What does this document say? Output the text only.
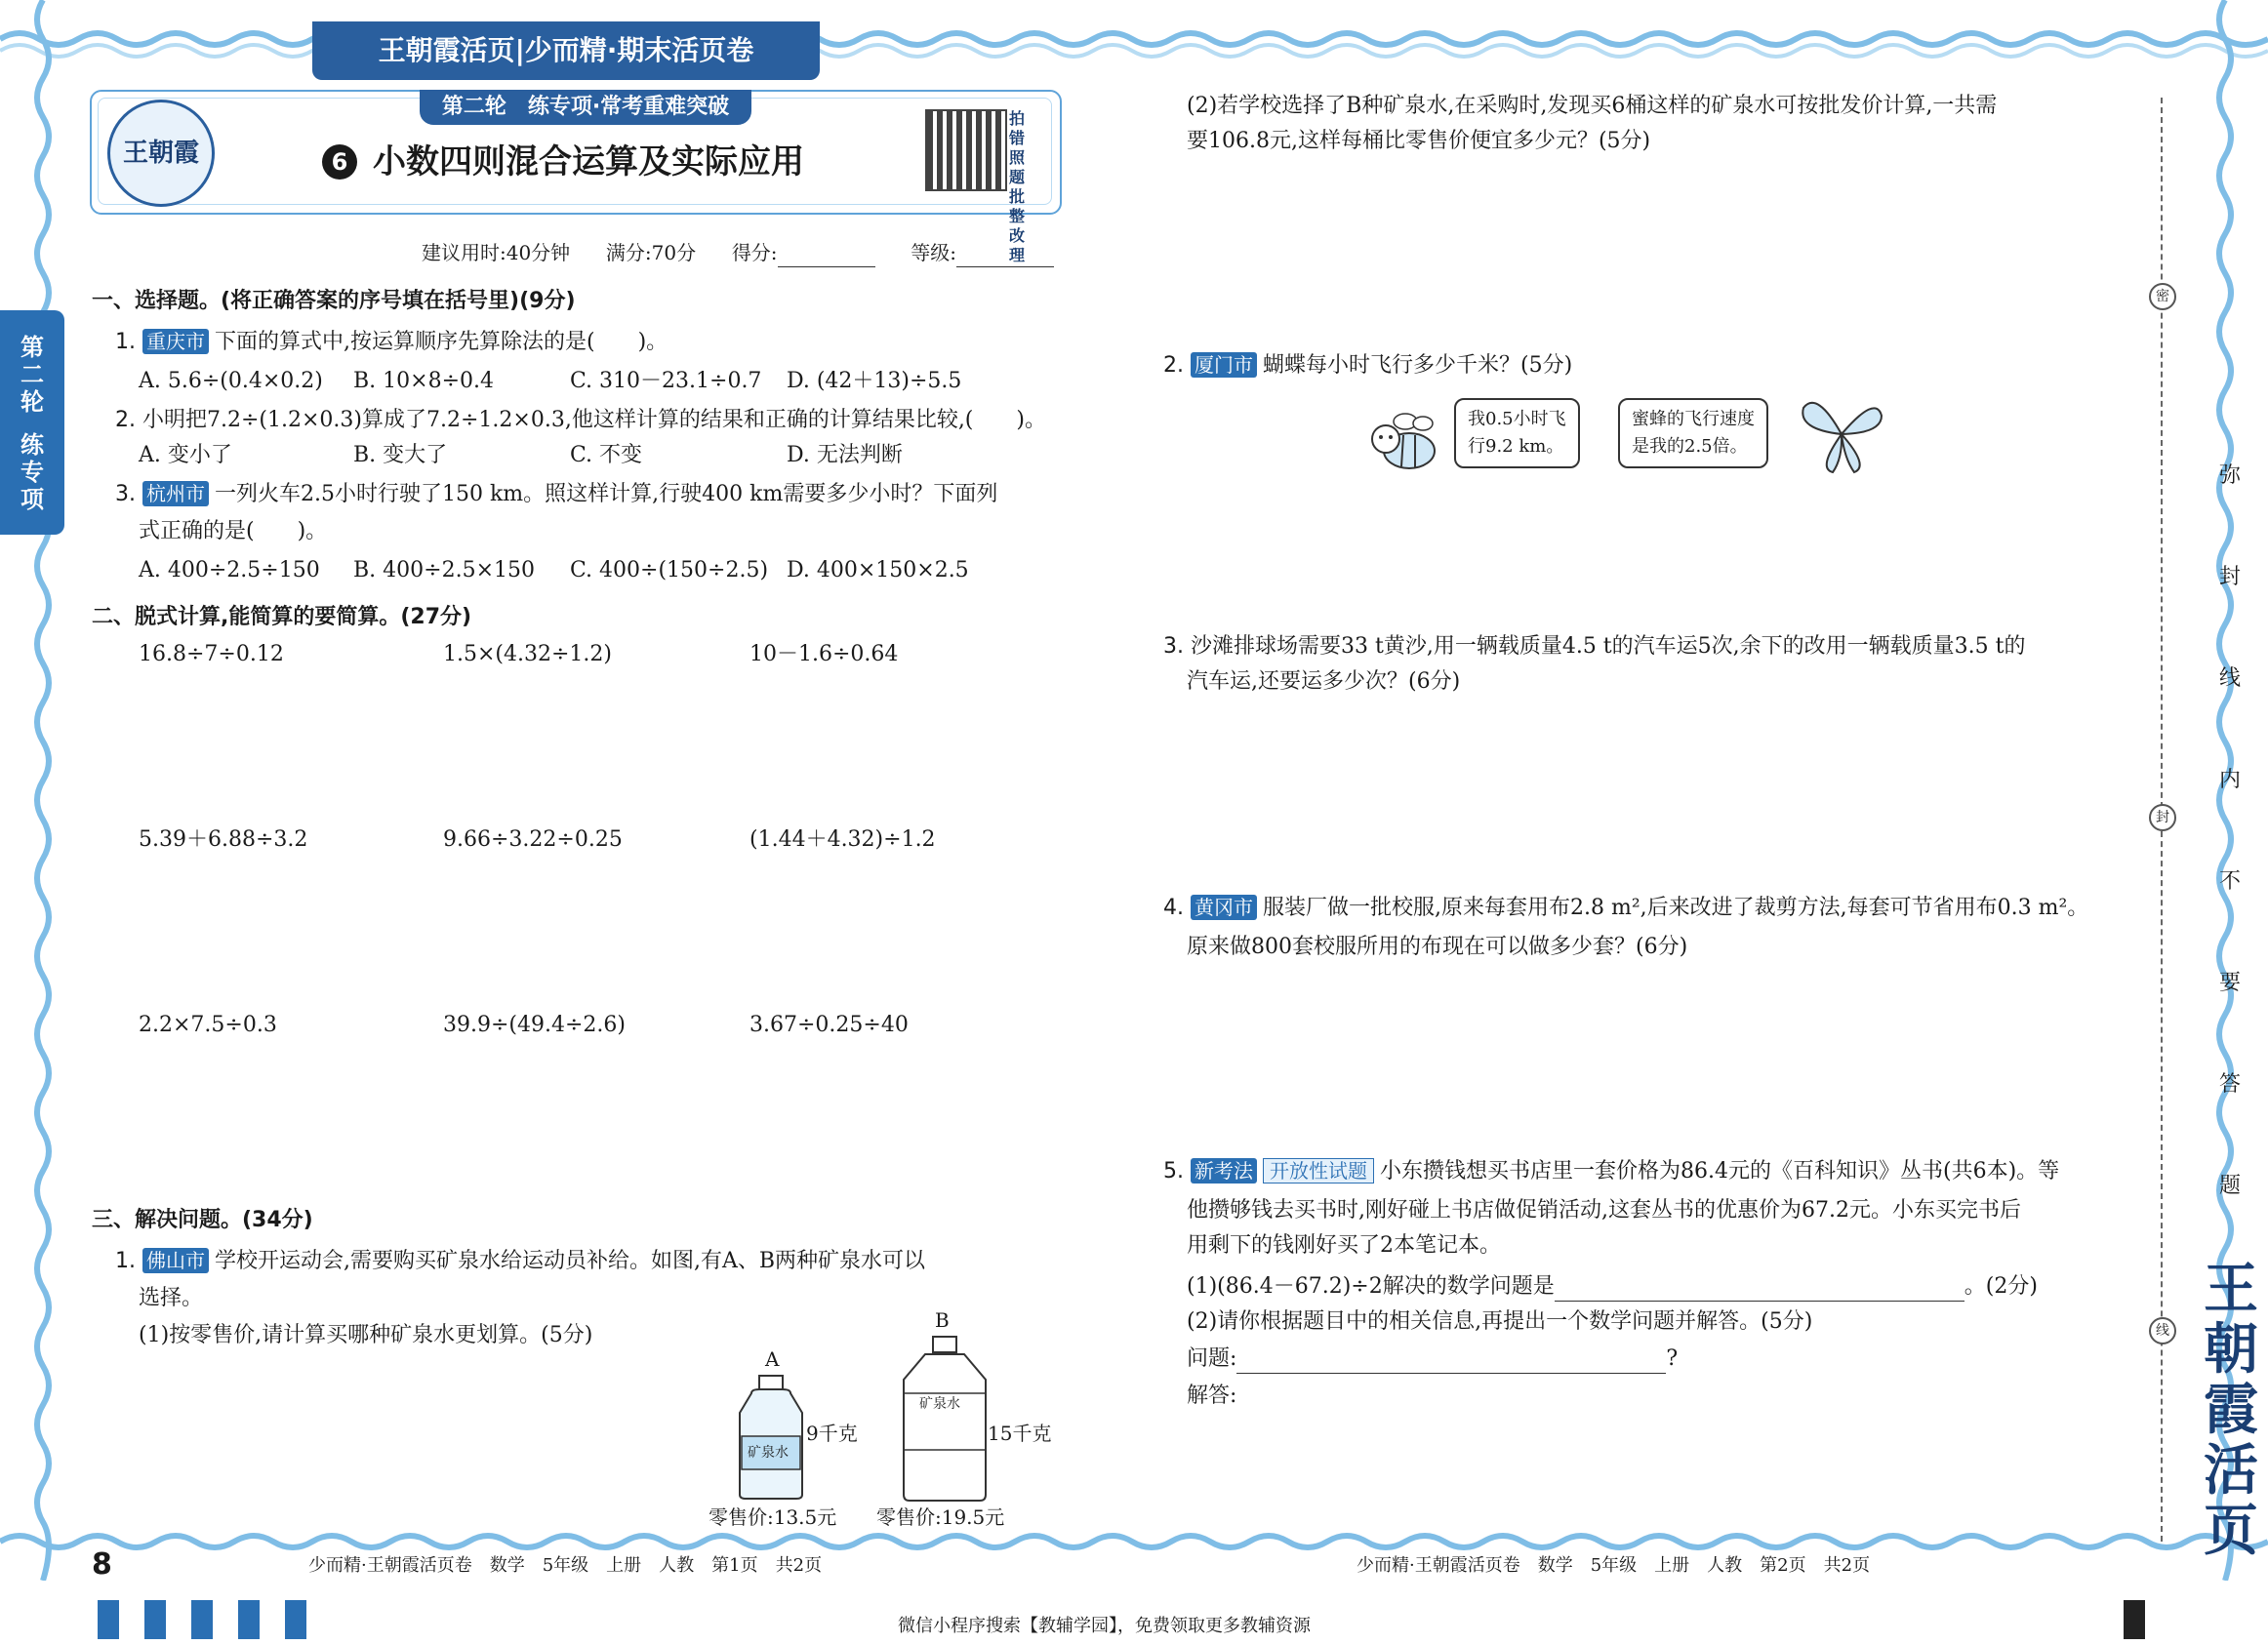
王朝霞活页|少而精·期末活页卷
第二轮　练专项·常考重难突破
王朝霞	6 小数四则混合运算及实际应用
拍错照题批整改理
建议用时:40分钟 满分:70分 得分:	等级:
第二轮
练专项
一、选择题。(将正确答案的序号填在括号里)(9分)
1. 重庆市 下面的算式中,按运算顺序先算除法的是(　　)。
A. 5.6÷(0.4×0.2) B. 10×8÷0.4	C. 310－23.1÷0.7 D. (42＋13)÷5.5
2. 小明把7.2÷(1.2×0.3)算成了7.2÷1.2×0.3,他这样计算的结果和正确的计算结果比较,(　　)。
A. 变小了	B. 变大了	C. 不变	D. 无法判断
3. 杭州市 一列火车2.5小时行驶了150 km。照这样计算,行驶400 km需要多少小时？下面列
式正确的是(　　)。
A. 400÷2.5÷150 B. 400÷2.5×150 C. 400÷(150÷2.5) D. 400×150×2.5
二、脱式计算,能简算的要简算。(27分)
16.8÷7÷0.12	1.5×(4.32÷1.2)	10－1.6÷0.64
5.39＋6.88÷3.2	9.66÷3.22÷0.25	(1.44＋4.32)÷1.2
2.2×7.5÷0.3	39.9÷(49.4÷2.6)	3.67÷0.25÷40
三、解决问题。(34分)
1. 佛山市 学校开运动会,需要购买矿泉水给运动员补给。如图,有A、B两种矿泉水可以
选择。
(1)按零售价,请计算买哪种矿泉水更划算。(5分)
A
矿泉水
9千克
零售价:13.5元
B
矿泉水
15千克
零售价:19.5元
(2)若学校选择了B种矿泉水,在采购时,发现买6桶这样的矿泉水可按批发价计算,一共需
要106.8元,这样每桶比零售价便宜多少元？(5分)
2. 厦门市 蝴蝶每小时飞行多少千米？(5分)
我0.5小时飞
行9.2 km。
蜜蜂的飞行速度
是我的2.5倍。
3. 沙滩排球场需要33 t黄沙,用一辆载质量4.5 t的汽车运5次,余下的改用一辆载质量3.5 t的
汽车运,还要运多少次？(6分)
4. 黄冈市 服装厂做一批校服,原来每套用布2.8 m²,后来改进了裁剪方法,每套可节省用布0.3 m²。
原来做800套校服所用的布现在可以做多少套？(6分)
5. 新考法 开放性试题 小东攒钱想买书店里一套价格为86.4元的《百科知识》丛书(共6本)。等
他攒够钱去买书时,刚好碰上书店做促销活动,这套丛书的优惠价为67.2元。小东买完书后
用剩下的钱刚好买了2本笔记本。
(1)(86.4－67.2)÷2解决的数学问题是	。(2分)
(2)请你根据题目中的相关信息,再提出一个数学问题并解答。(5分)
问题:	?
解答:
密
封
线
弥
封
线
内
不
要
答
题
王
朝
霞
活
页
8	少而精·王朝霞活页卷　数学　5年级　上册　人教　第1页　共2页	少而精·王朝霞活页卷　数学　5年级　上册　人教　第2页　共2页
微信小程序搜索【教辅学园】，免费领取更多教辅资源
